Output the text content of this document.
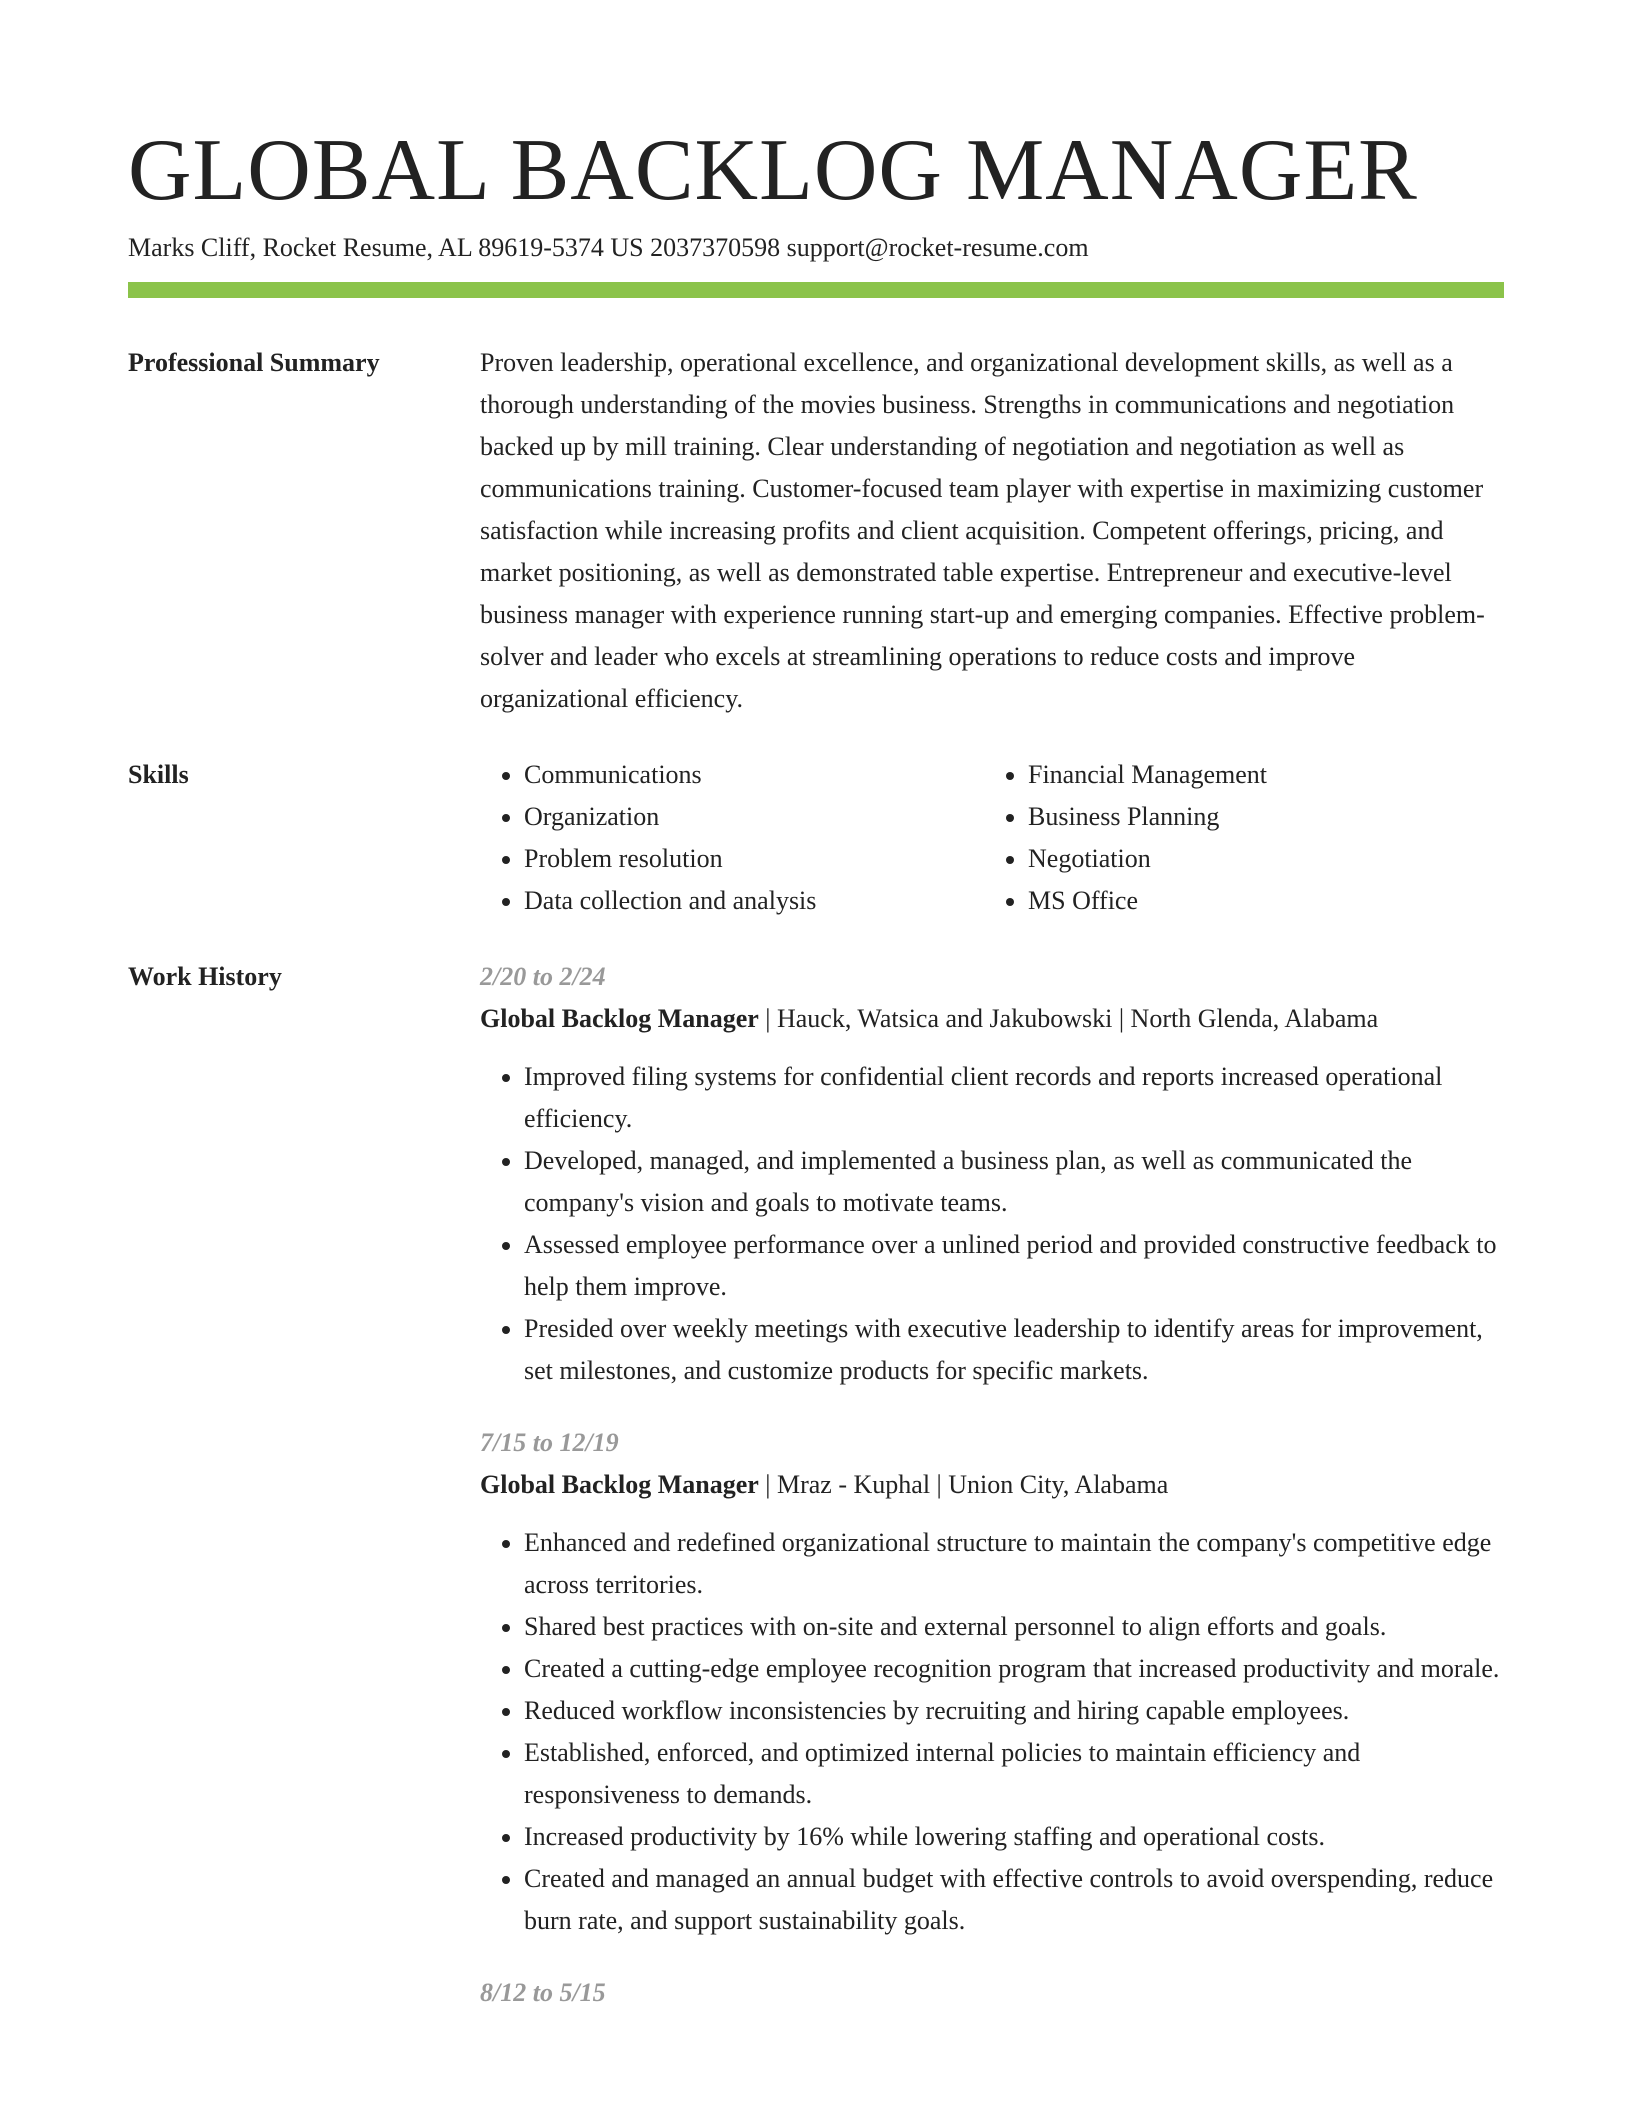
GLOBAL BACKLOG MANAGER
Marks Cliff, Rocket Resume, AL 89619-5374 US 2037370598 support@rocket-resume.com
Professional Summary	Proven leadership, operational excellence, and organizational development skills, as well as a thorough understanding of the movies business. Strengths in communications and negotiation backed up by mill training. Clear understanding of negotiation and negotiation as well as communications training. Customer-focused team player with expertise in maximizing customer satisfaction while increasing profits and client acquisition. Competent offerings, pricing, and market positioning, as well as demonstrated table expertise. Entrepreneur and executive-level business manager with experience running start-up and emerging companies. Effective problem-solver and leader who excels at streamlining operations to reduce costs and improve organizational efficiency.

Skills
•	Communications
• Organization
• Problem resolution
• Data collection and analysis
• Financial Management
• Business Planning
• Negotiation
• MS Office
Work History	2/20 to 2/24
Global Backlog Manager | Hauck, Watsica and Jakubowski | North Glenda, Alabama
• Improved filing systems for confidential client records and reports increased operational efficiency.
• Developed, managed, and implemented a business plan, as well as communicated the company's vision and goals to motivate teams.
• Assessed employee performance over a unlined period and provided constructive feedback to help them improve.
• Presided over weekly meetings with executive leadership to identify areas for improvement, set milestones, and customize products for specific markets.
7/15 to 12/19
Global Backlog Manager | Mraz - Kuphal | Union City, Alabama
• Enhanced and redefined organizational structure to maintain the company's competitive edge across territories.
• Shared best practices with on-site and external personnel to align efforts and goals.
• Created a cutting-edge employee recognition program that increased productivity and morale.
• Reduced workflow inconsistencies by recruiting and hiring capable employees.
• Established, enforced, and optimized internal policies to maintain efficiency and responsiveness to demands.
• Increased productivity by 16% while lowering staffing and operational costs.
• Created and managed an annual budget with effective controls to avoid overspending, reduce burn rate, and support sustainability goals.
8/12 to 5/15
